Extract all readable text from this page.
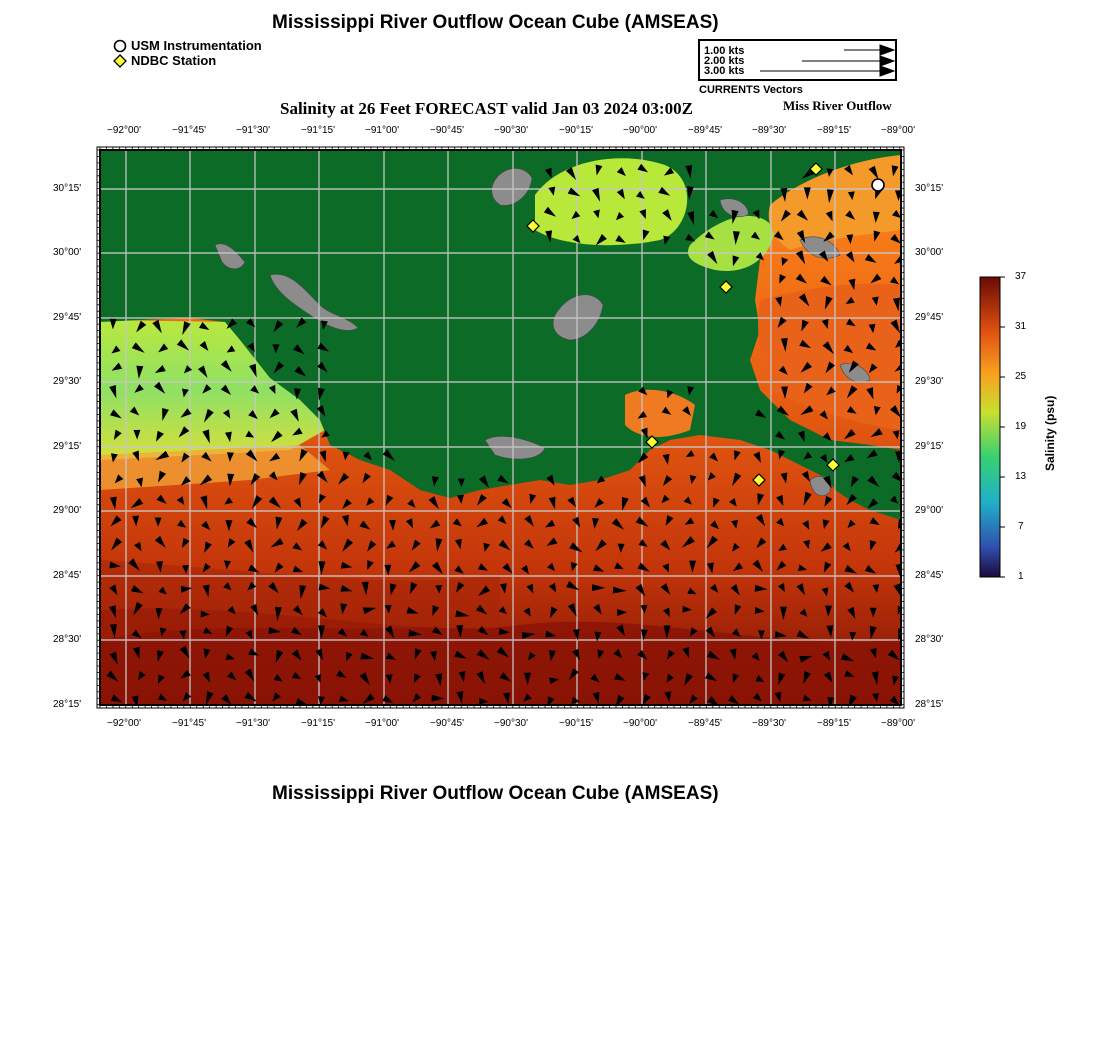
Mississippi River Outflow Ocean Cube (AMSEAS)
USM Instrumentation
NDBC Station
1.00 kts
2.00 kts
3.00 kts
CURRENTS Vectors
Salinity at 26 Feet FORECAST valid Jan 03 2024 03:00Z	Miss River Outflow
−92°00'	−91°45'	−91°30'	−91°15'	−91°00'	−90°45'	−90°30'	−90°15'	−90°00'	−89°45'	−89°30'	−89°15'	−89°00'
−92°00'	−91°45'	−91°30'	−91°15'	−91°00'	−90°45'	−90°30'	−90°15'	−90°00'	−89°45'	−89°30'	−89°15'	−89°00'
30°15'
30°00'
29°45'
29°30'
29°15'
29°00'
28°45'
28°30'
28°15'
30°15'
30°00'
29°45'
29°30'
29°15'
29°00'
28°45'
28°30'
28°15'
37
31
25
19
13
7
1
Salinity (psu)
Mississippi River Outflow Ocean Cube (AMSEAS)
